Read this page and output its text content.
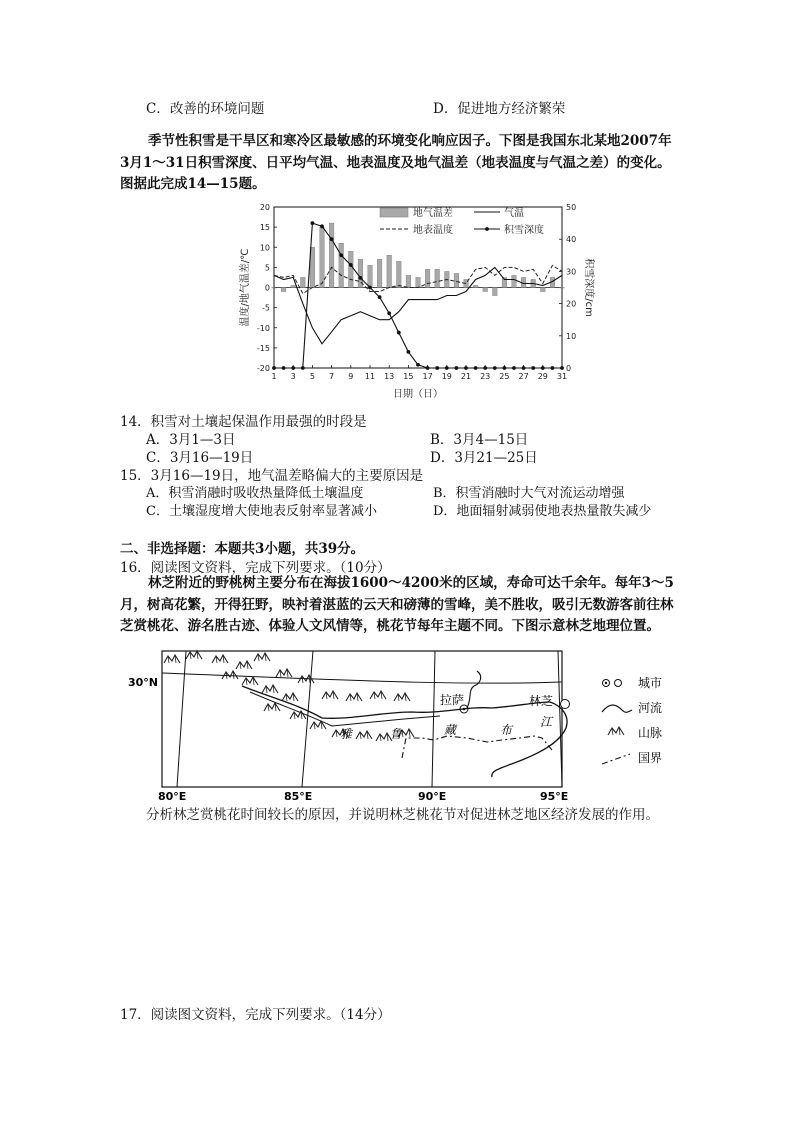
C．改善的环境问题	D．促进地方经济繁荣
季节性积雪是干旱区和寒冷区最敏感的环境变化响应因子。下图是我国东北某地2007年3月1～31日积雪深度、日平均气温、地表温度及地气温差（地表温度与气温之差）的变化。图据此完成14—15题。
20
15
10
5
0
-5
-10
-15
-20
50
40
30
20
10
0
1 3 5 7 9 11 13 15 17 19 21 23 25 27 29 31
日期（日）
温度/地气温差/℃	积雪深度/cm
地气温差	气温
地表温度	积雪深度
14．积雪对土壤起保温作用最强的时段是
A．3月1—3日	B．3月4—15日
C．3月16—19日	D．3月21—25日
15．3月16—19日，地气温差略偏大的主要原因是
A．积雪消融时吸收热量降低土壤温度	B．积雪消融时大气对流运动增强
C．土壤湿度增大使地表反射率显著减小	D．地面辐射减弱使地表热量散失减少
二、非选择题：本题共3小题，共39分。
16．阅读图文资料，完成下列要求。（10分）
林芝附近的野桃树主要分布在海拔1600～4200米的区域，寿命可达千余年。每年3～5月，树高花繁，开得狂野，映衬着湛蓝的云天和磅薄的雪峰，美不胜收，吸引无数游客前往林芝赏桃花、游名胜古迹、体验人文风情等，桃花节每年主题不同。下图示意林芝地理位置。
拉萨	林芝
雅	鲁	藏	布
江
30°N
80°E	85°E	90°E	95°E
城市
河流
山脉
国界
分析林芝赏桃花时间较长的原因，并说明林芝桃花节对促进林芝地区经济发展的作用。
17．阅读图文资料，完成下列要求。（14分）
